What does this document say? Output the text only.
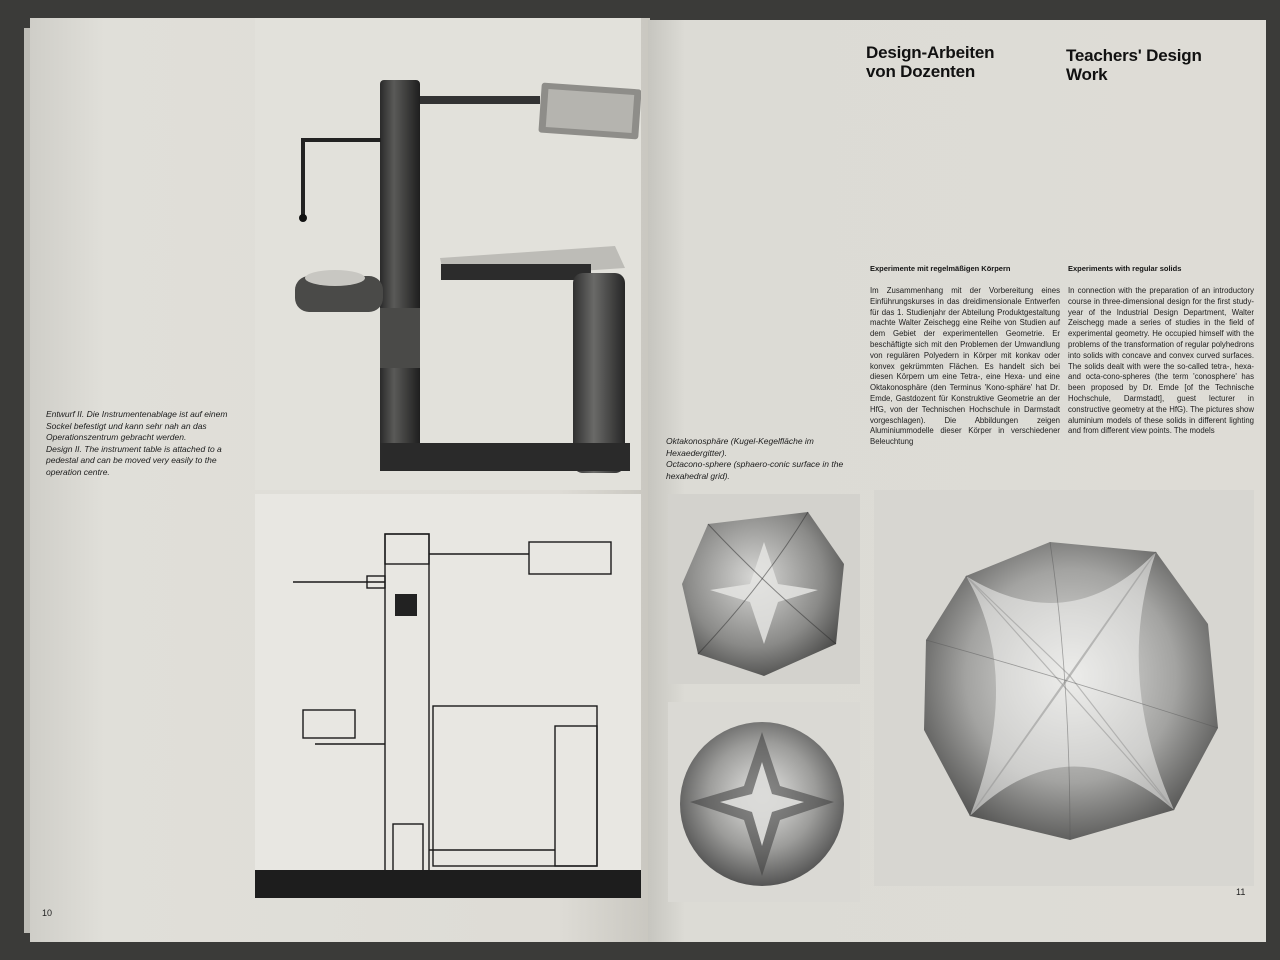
Entwurf II. Die Instrumentenablage ist auf einem Sockel befestigt und kann sehr nah an das Operationszentrum gebracht werden.
Design II. The instrument table is attached to a pedestal and can be moved very easily to the operation centre.
10
Design-Arbeiten von Dozenten
Teachers' Design Work
Experimente mit regelmäßigen Körpern	Experiments with regular solids
Im Zusammenhang mit der Vorbereitung eines Einführungskurses in das dreidimensionale Entwerfen für das 1. Studienjahr der Abteilung Produktgestaltung machte Walter Zeischegg eine Reihe von Studien auf dem Gebiet der experimentellen Geometrie. Er beschäftigte sich mit den Problemen der Umwandlung von regulären Polyedern in Körper mit konkav oder konvex gekrümmten Flächen. Es handelt sich bei diesen Körpern um eine Tetra-, eine Hexa- und eine Oktakonosphäre (den Terminus 'Kono-sphäre' hat Dr. Emde, Gastdozent für Konstruktive Geometrie an der HfG, von der Technischen Hochschule in Darmstadt vorgeschlagen). Die Abbildungen zeigen Aluminiummodelle dieser Körper in verschiedener Beleuchtung
In connection with the preparation of an introductory course in three-dimensional design for the first study-year of the Industrial Design Department, Walter Zeischegg made a series of studies in the field of experimental geometry. He occupied himself with the problems of the transformation of regular polyhedrons into solids with concave and convex curved surfaces. The solids dealt with were the so-called tetra-, hexa- and octa-cono-spheres (the term 'conosphere' has been proposed by Dr. Emde [of the Technische Hochschule, Darmstadt], guest lecturer in constructive geometry at the HfG). The pictures show aluminium models of these solids in different lighting and from different view points. The models
Oktakonosphäre (Kugel-Kegelfläche im Hexaedergitter).
Octacono-sphere (sphaero-conic surface in the hexahedral grid).
11
